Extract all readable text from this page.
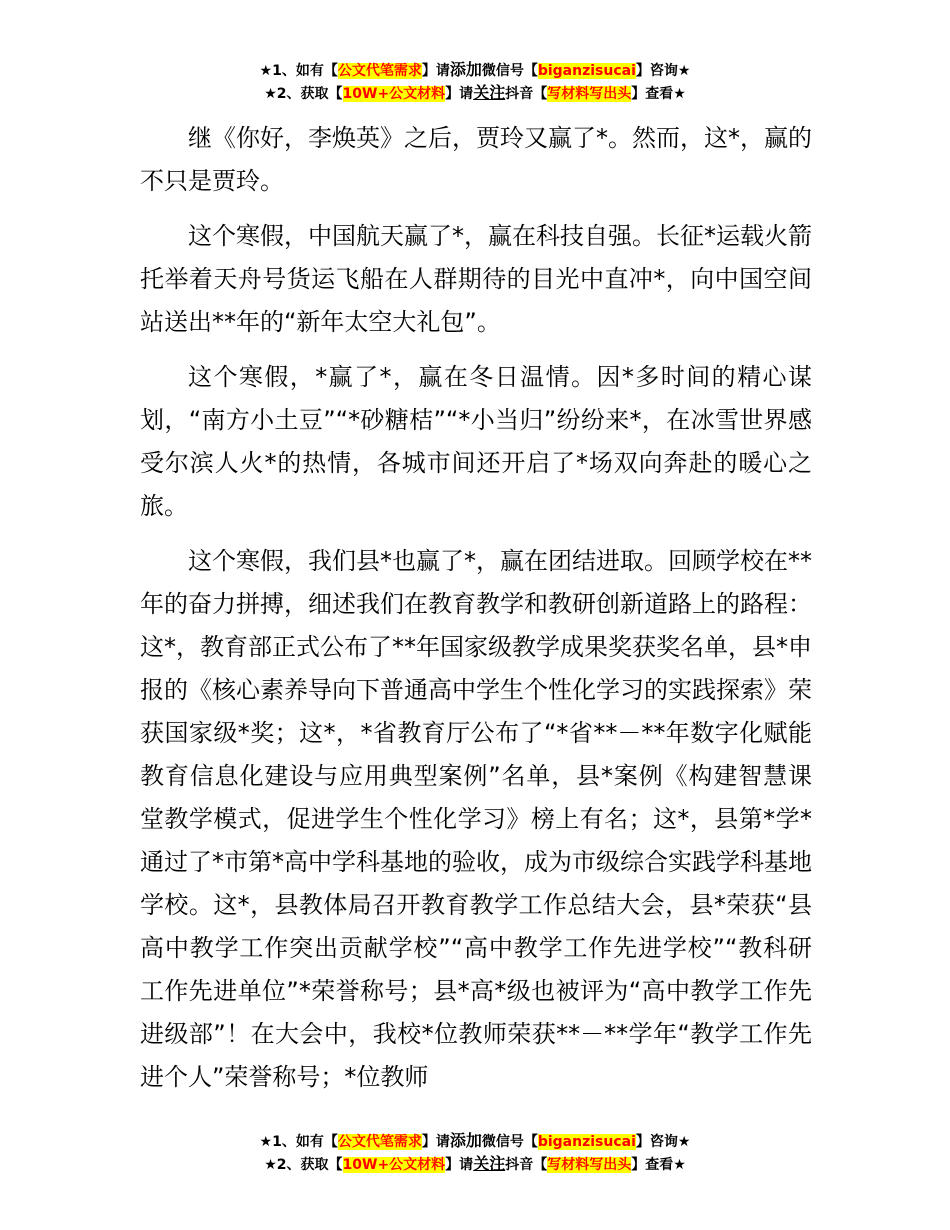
★1、如有【公文代笔需求】请添加微信号【biganzisucai】咨询★
★2、获取【10W+公文材料】请关注抖音【写材料写出头】查看★

继《你好，李焕英》之后，贾玲又赢了*。然而，这*，赢的不只是贾玲。

这个寒假，中国航天赢了*，赢在科技自强。长征*运载火箭托举着天舟号货运飞船在人群期待的目光中直冲*，向中国空间站送出**年的“新年太空大礼包”。

这个寒假，*赢了*，赢在冬日温情。因*多时间的精心谋划，“南方小土豆”“*砂糖桔”“*小当归”纷纷来*，在冰雪世界感受尔滨人火*的热情，各城市间还开启了*场双向奔赴的暖心之旅。

这个寒假，我们县*也赢了*，赢在团结进取。回顾学校在**年的奋力拼搏，细述我们在教育教学和教研创新道路上的路程：这*，教育部正式公布了**年国家级教学成果奖获奖名单，县*申报的《核心素养导向下普通高中学生个性化学习的实践探索》荣获国家级*奖；这*，*省教育厅公布了“*省**－**年数字化赋能教育信息化建设与应用典型案例”名单，县*案例《构建智慧课堂教学模式，促进学生个性化学习》榜上有名；这*，县第*学*通过了*市第*高中学科基地的验收，成为市级综合实践学科基地学校。这*，县教体局召开教育教学工作总结大会，县*荣获“县高中教学工作突出贡献学校”“高中教学工作先进学校”“教科研工作先进单位”*荣誉称号；县*高*级也被评为“高中教学工作先进级部”！在大会中，我校*位教师荣获**－**学年“教学工作先进个人”荣誉称号；*位教师

★1、如有【公文代笔需求】请添加微信号【biganzisucai】咨询★
★2、获取【10W+公文材料】请关注抖音【写材料写出头】查看★
